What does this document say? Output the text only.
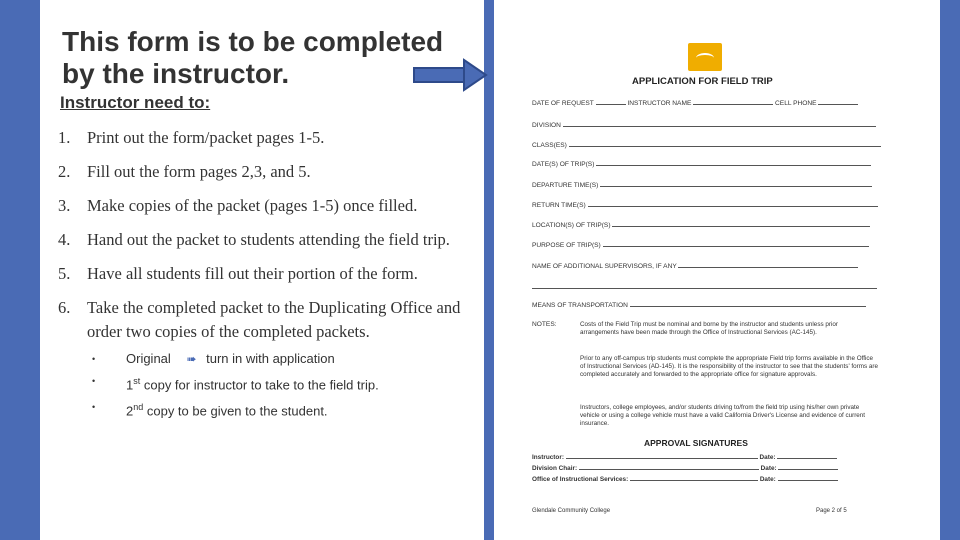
This form is to be completed by the instructor.
Instructor need to:
1. Print out the form/packet pages 1-5.
2. Fill out the form pages 2,3, and 5.
3. Make copies of the packet (pages 1-5) once filled.
4. Hand out the packet to students attending the field trip.
5. Have all students fill out their portion of the form.
6. Take the completed packet to the Duplicating Office and order two copies of the completed packets.
• Original ➠ turn in with application
• 1st copy for instructor to take to the field trip.
• 2nd copy to be given to the student.
APPLICATION FOR FIELD TRIP
DATE OF REQUEST	INSTRUCTOR NAME	CELL PHONE
DIVISION
CLASS(ES)
DATE(S) OF TRIP(S)
DEPARTURE TIME(S)
RETURN TIME(S)
LOCATION(S) OF TRIP(S)
PURPOSE OF TRIP(S)
NAME OF ADDITIONAL SUPERVISORS, IF ANY
MEANS OF TRANSPORTATION
NOTES:	Costs of the Field Trip must be nominal and borne by the instructor and students unless prior arrangements have been made through the Office of Instructional Services (AC-145).
Prior to any off-campus trip students must complete the appropriate Field trip forms available in the Office of Instructional Services (AD-145). It is the responsibility of the instructor to see that the students' forms are completed accurately and forwarded to the appropriate office for signature approvals.
Instructors, college employees, and/or students driving to/from the field trip using his/her own private vehicle or using a college vehicle must have a valid California Driver's License and evidence of current insurance.
APPROVAL SIGNATURES
Instructor:	Date:
Division Chair:	Date:
Office of Instructional Services:	Date:
Glendale Community College	Page 2 of 5
